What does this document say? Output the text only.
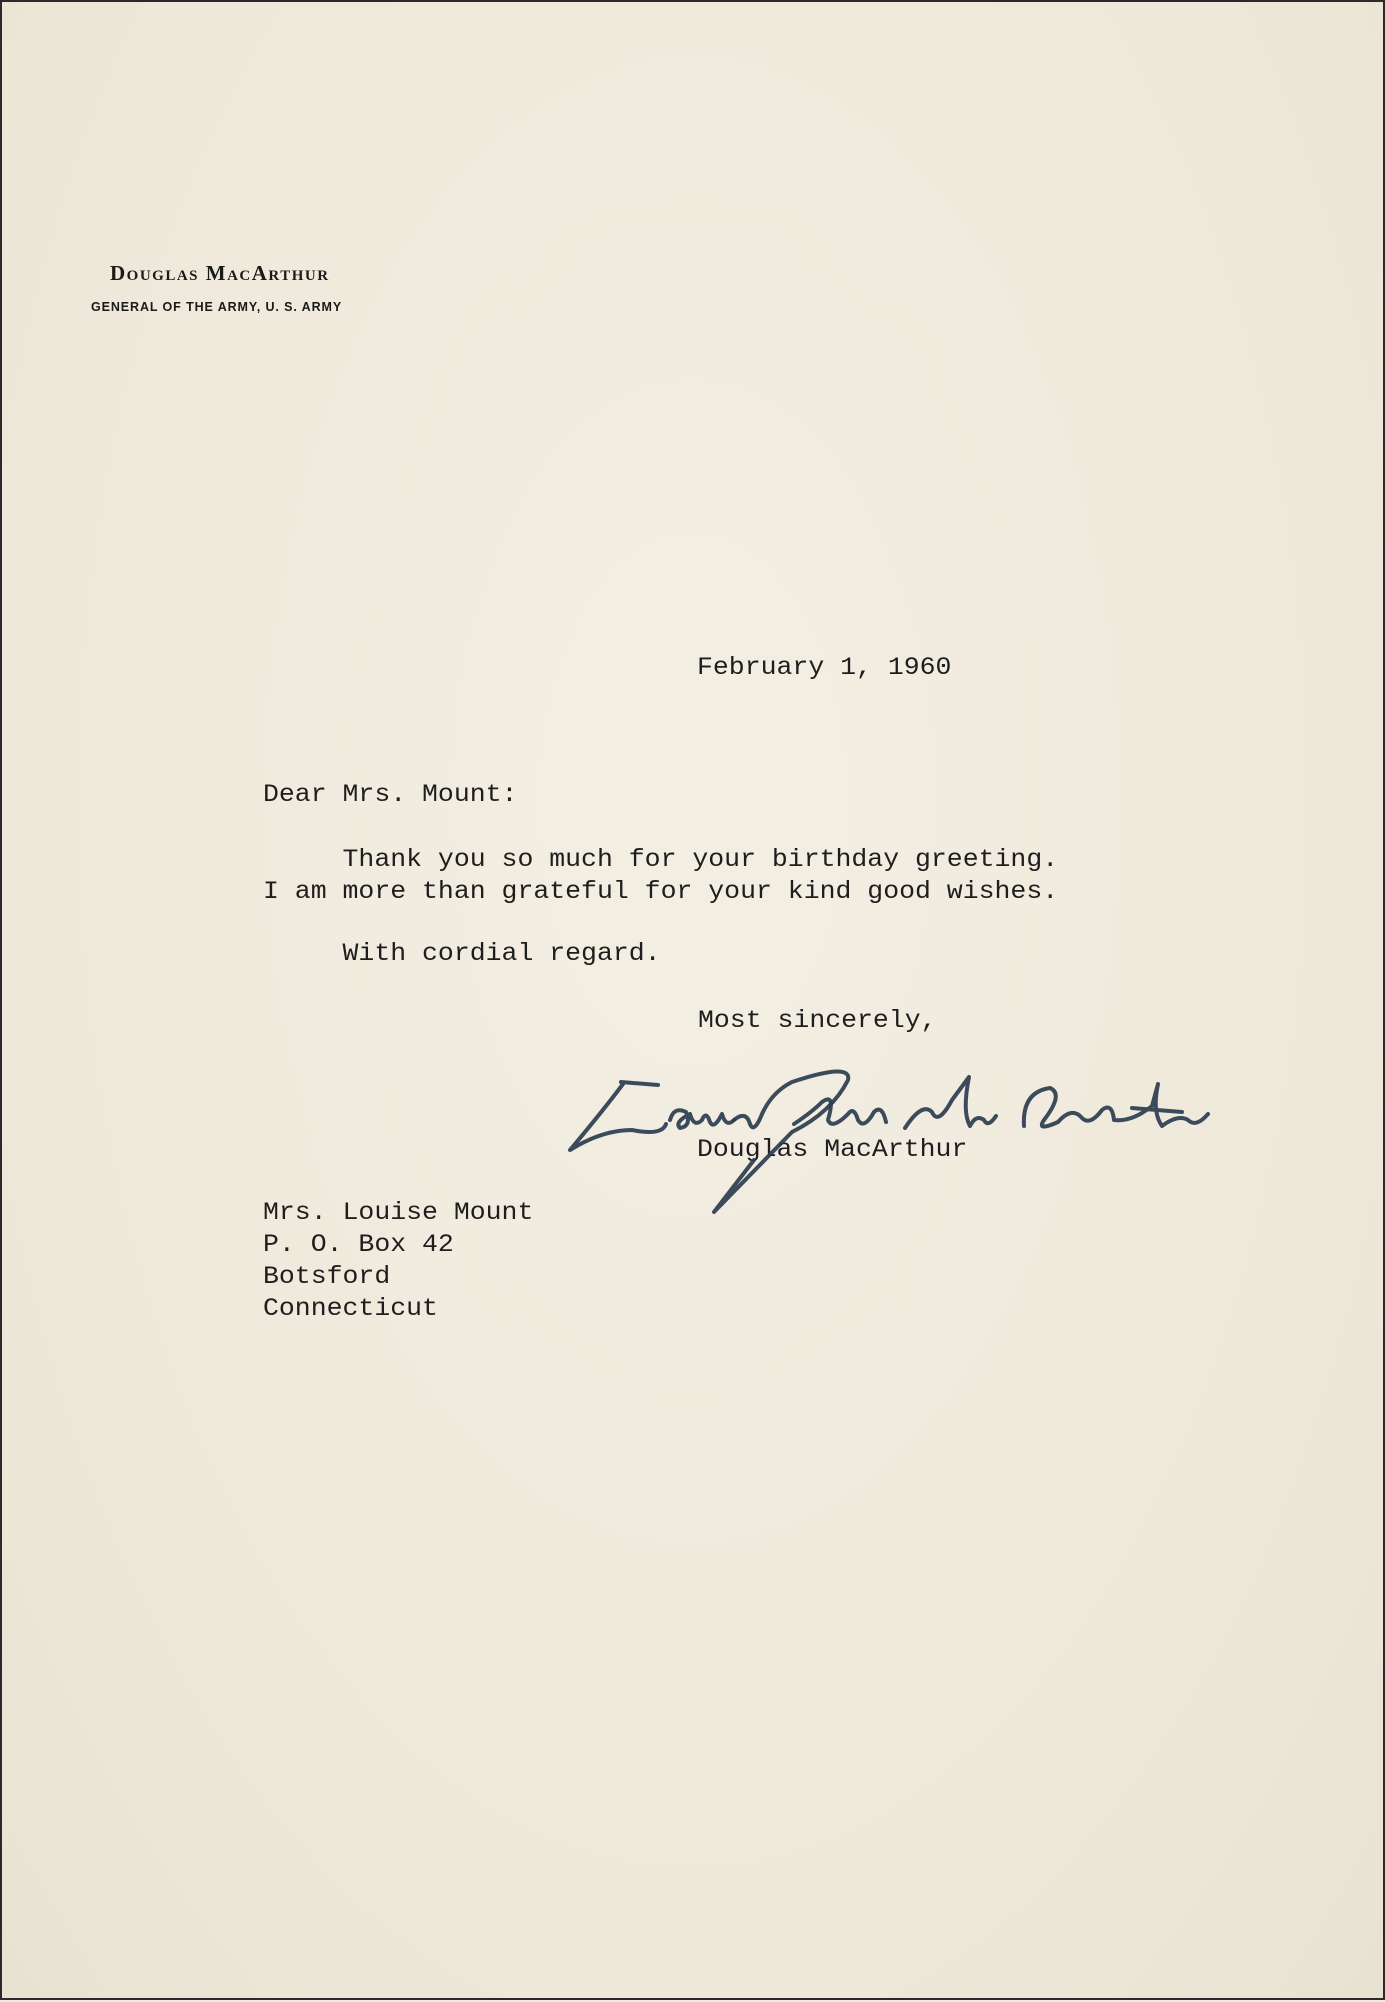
Douglas MacArthur
GENERAL OF THE ARMY, U. S. ARMY
February 1, 1960
Dear Mrs. Mount:
Thank you so much for your birthday greeting.
I am more than grateful for your kind good wishes.
With cordial regard.
Most sincerely,
Douglas MacArthur
Mrs. Louise Mount
P. O. Box 42
Botsford
Connecticut
